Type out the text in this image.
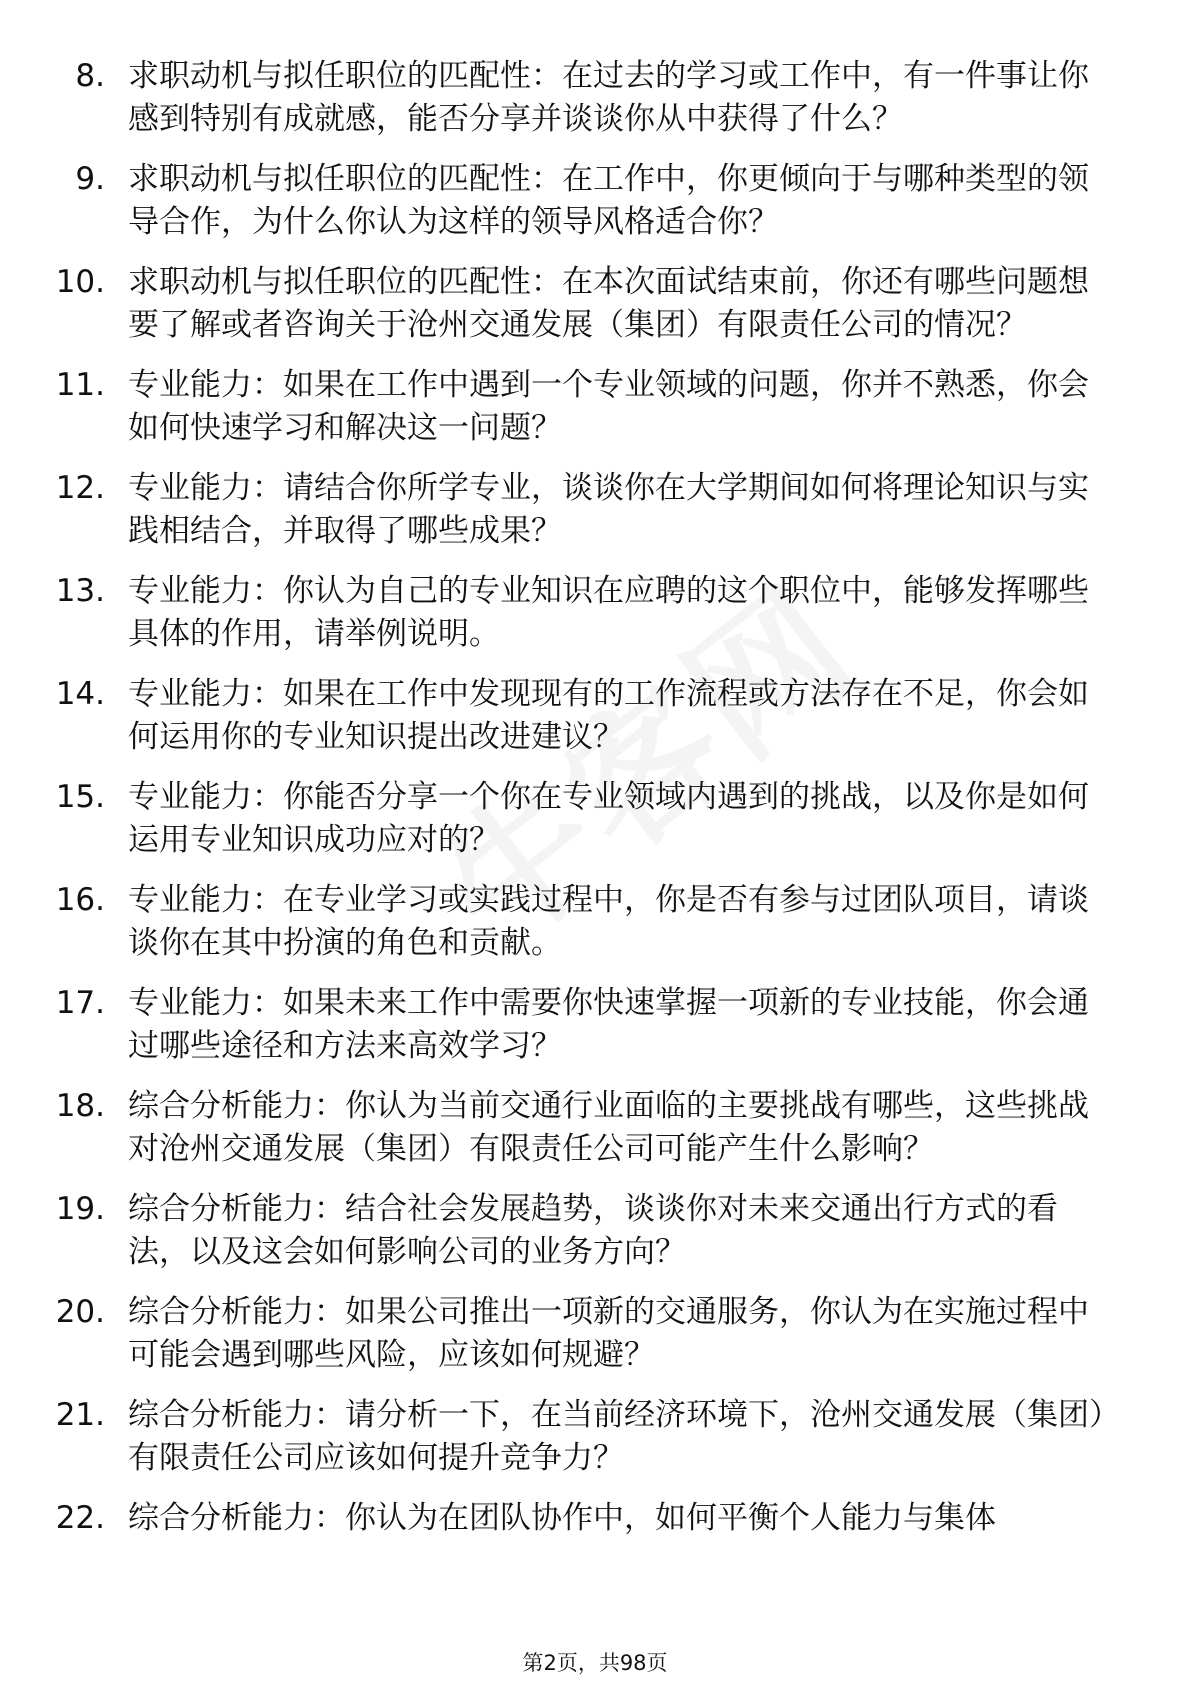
8. 求职动机与拟任职位的匹配性：在过去的学习或工作中，有一件事让你感到特别有成就感，能否分享并谈谈你从中获得了什么？
9. 求职动机与拟任职位的匹配性：在工作中，你更倾向于与哪种类型的领导合作，为什么你认为这样的领导风格适合你？
10. 求职动机与拟任职位的匹配性：在本次面试结束前，你还有哪些问题想要了解或者咨询关于沧州交通发展（集团）有限责任公司的情况？
11. 专业能力：如果在工作中遇到一个专业领域的问题，你并不熟悉，你会如何快速学习和解决这一问题？
12. 专业能力：请结合你所学专业，谈谈你在大学期间如何将理论知识与实践相结合，并取得了哪些成果？
13. 专业能力：你认为自己的专业知识在应聘的这个职位中，能够发挥哪些具体的作用，请举例说明。
14. 专业能力：如果在工作中发现现有的工作流程或方法存在不足，你会如何运用你的专业知识提出改进建议？
15. 专业能力：你能否分享一个你在专业领域内遇到的挑战，以及你是如何运用专业知识成功应对的？
16. 专业能力：在专业学习或实践过程中，你是否有参与过团队项目，请谈谈你在其中扮演的角色和贡献。
17. 专业能力：如果未来工作中需要你快速掌握一项新的专业技能，你会通过哪些途径和方法来高效学习？
18. 综合分析能力：你认为当前交通行业面临的主要挑战有哪些，这些挑战对沧州交通发展（集团）有限责任公司可能产生什么影响？
19. 综合分析能力：结合社会发展趋势，谈谈你对未来交通出行方式的看法，以及这会如何影响公司的业务方向？
20. 综合分析能力：如果公司推出一项新的交通服务，你认为在实施过程中可能会遇到哪些风险，应该如何规避？
21. 综合分析能力：请分析一下，在当前经济环境下，沧州交通发展（集团）有限责任公司应该如何提升竞争力？
22. 综合分析能力：你认为在团队协作中，如何平衡个人能力与集体
第2页，共98页
